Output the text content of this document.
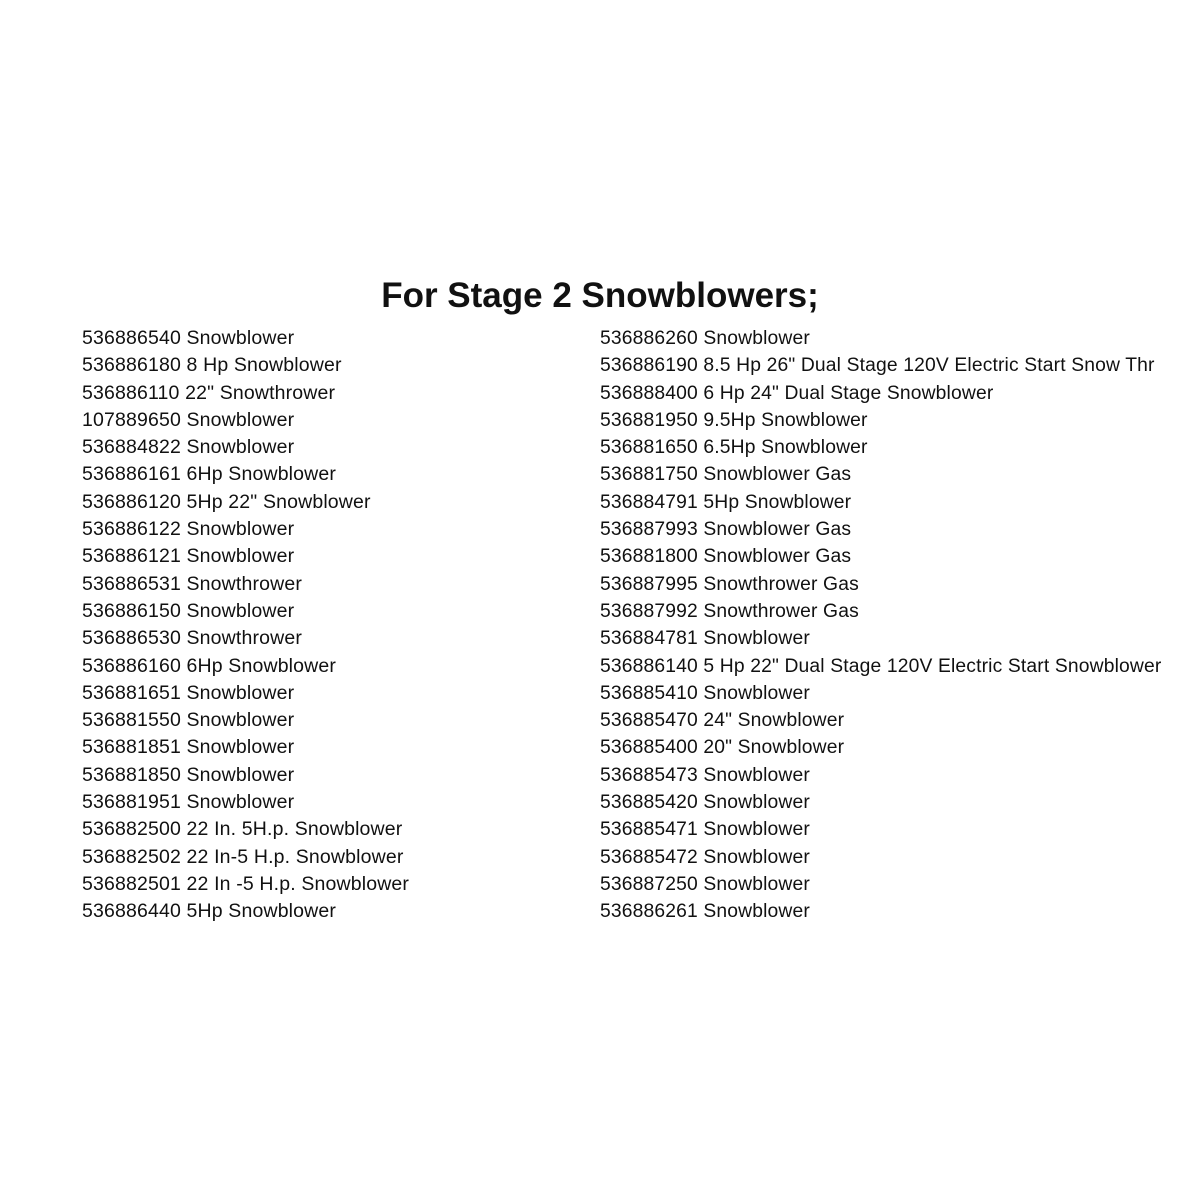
For Stage 2 Snowblowers;
536886540 Snowblower
536886180 8 Hp Snowblower
536886110 22" Snowthrower
107889650 Snowblower
536884822 Snowblower
536886161 6Hp Snowblower
536886120 5Hp 22" Snowblower
536886122 Snowblower
536886121 Snowblower
536886531 Snowthrower
536886150 Snowblower
536886530 Snowthrower
536886160 6Hp Snowblower
536881651 Snowblower
536881550 Snowblower
536881851 Snowblower
536881850 Snowblower
536881951 Snowblower
536882500 22 In. 5H.p. Snowblower
536882502 22 In-5 H.p. Snowblower
536882501 22 In -5 H.p. Snowblower
536886440 5Hp Snowblower
536886260 Snowblower
536886190 8.5 Hp 26" Dual Stage 120V Electric Start Snow Thr
536888400 6 Hp 24" Dual Stage Snowblower
536881950 9.5Hp Snowblower
536881650 6.5Hp Snowblower
536881750 Snowblower Gas
536884791 5Hp Snowblower
536887993 Snowblower Gas
536881800 Snowblower Gas
536887995 Snowthrower Gas
536887992 Snowthrower Gas
536884781 Snowblower
536886140 5 Hp 22" Dual Stage 120V Electric Start Snowblower
536885410 Snowblower
536885470 24" Snowblower
536885400 20" Snowblower
536885473 Snowblower
536885420 Snowblower
536885471 Snowblower
536885472 Snowblower
536887250 Snowblower
536886261 Snowblower
